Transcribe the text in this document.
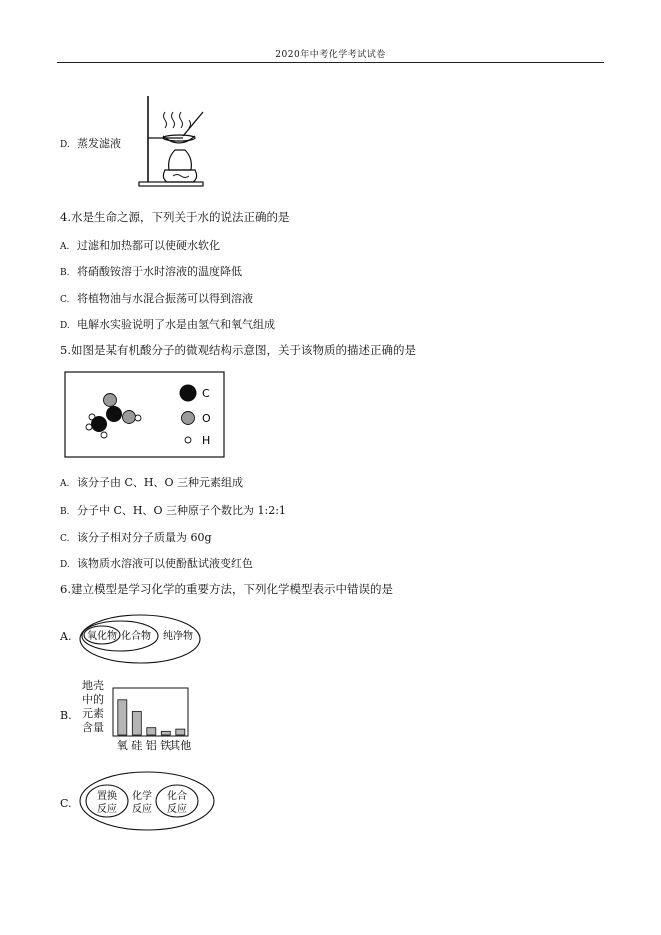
2020年中考化学考试试卷
D. 蒸发滤液
4.水是生命之源，下列关于水的说法正确的是
A. 过滤和加热都可以使硬水软化
B. 将硝酸铵溶于水时溶液的温度降低
C. 将植物油与水混合振荡可以得到溶液
D. 电解水实验说明了水是由氢气和氧气组成
5.如图是某有机酸分子的微观结构示意图，关于该物质的描述正确的是
C
O
H
A. 该分子由 C、H、O 三种元素组成
B. 分子中 C、H、O 三种原子个数比为 1:2:1
C. 该分子相对分子质量为 60g
D. 该物质水溶液可以使酚酞试液变红色
6.建立模型是学习化学的重要方法，下列化学模型表示中错误的是
A. 氧化物 化合物 纯净物
B.
地壳
中的
元素
含量
氧 硅 铝 铁
其他
C.
置换
反应
化学
反应
化合
反应
